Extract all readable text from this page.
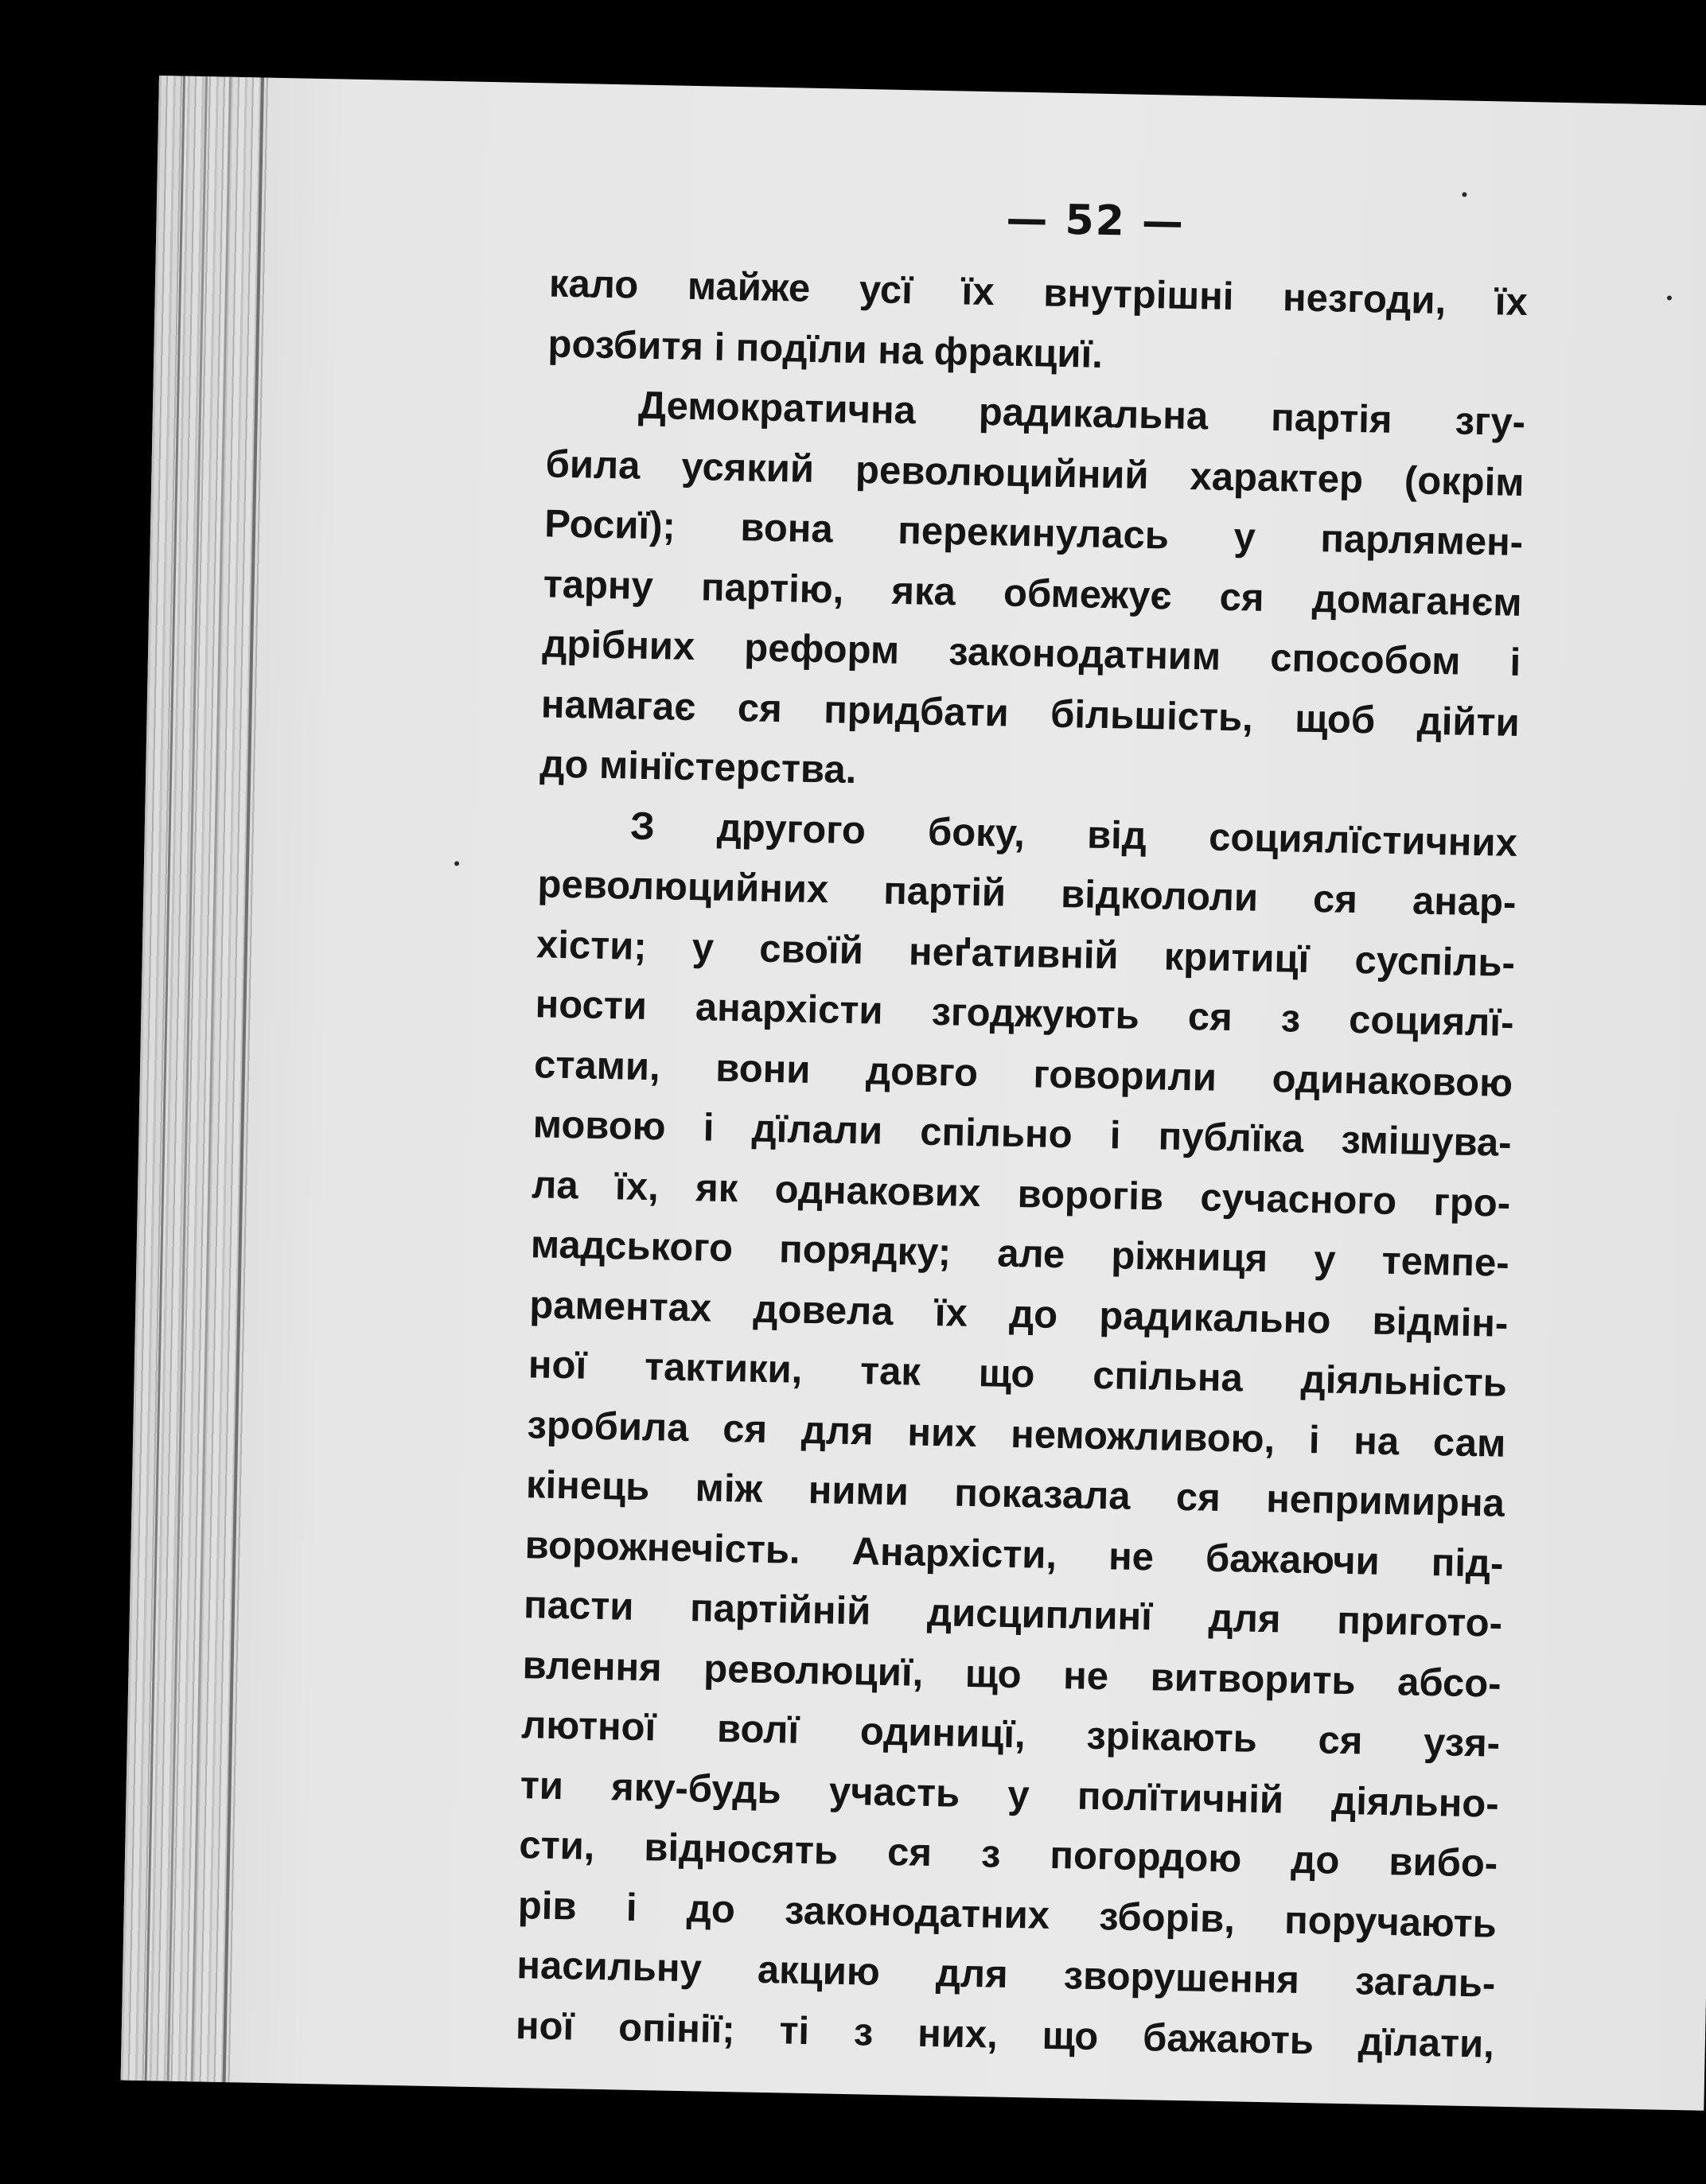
— 52 —
кало майже усї їх внутрішні незгоди, їх
розбитя і подїли на фракциї.
Демократична радикальна партія згу-
била усякий революцийний характер (окрім
Росиї); вона перекинулась у парлямен-
тарну партію, яка обмежує ся домаганєм
дрібних реформ законодатним способом і
намагає ся придбати більшість, щоб дійти
до мінїстерства.
З другого боку, від социялїстичних
революцийних партій відкололи ся анар-
хісти; у своїй неґативній критицї суспіль-
ности анархісти згоджують ся з социялї-
стами, вони довго говорили одинаковою
мовою і дїлали спільно і публїка змішува-
ла їх, як однакових ворогів сучасного гро-
мадського порядку; але ріжниця у темпе-
раментах довела їх до радикально відмін-
ної тактики, так що спільна діяльність
зробила ся для них неможливою, і на сам
кінець між ними показала ся непримирна
ворожнечість. Анархісти, не бажаючи під-
пасти партійній дисциплинї для пригото-
влення революциї, що не витворить абсо-
лютної волї одиницї, зрікають ся узя-
ти яку-будь участь у полїтичній діяльно-
сти, відносять ся з погордою до вибо-
рів і до законодатних зборів, поручають
насильну акцию для зворушення загаль-
ної опінії; ті з них, що бажають дїлати,
